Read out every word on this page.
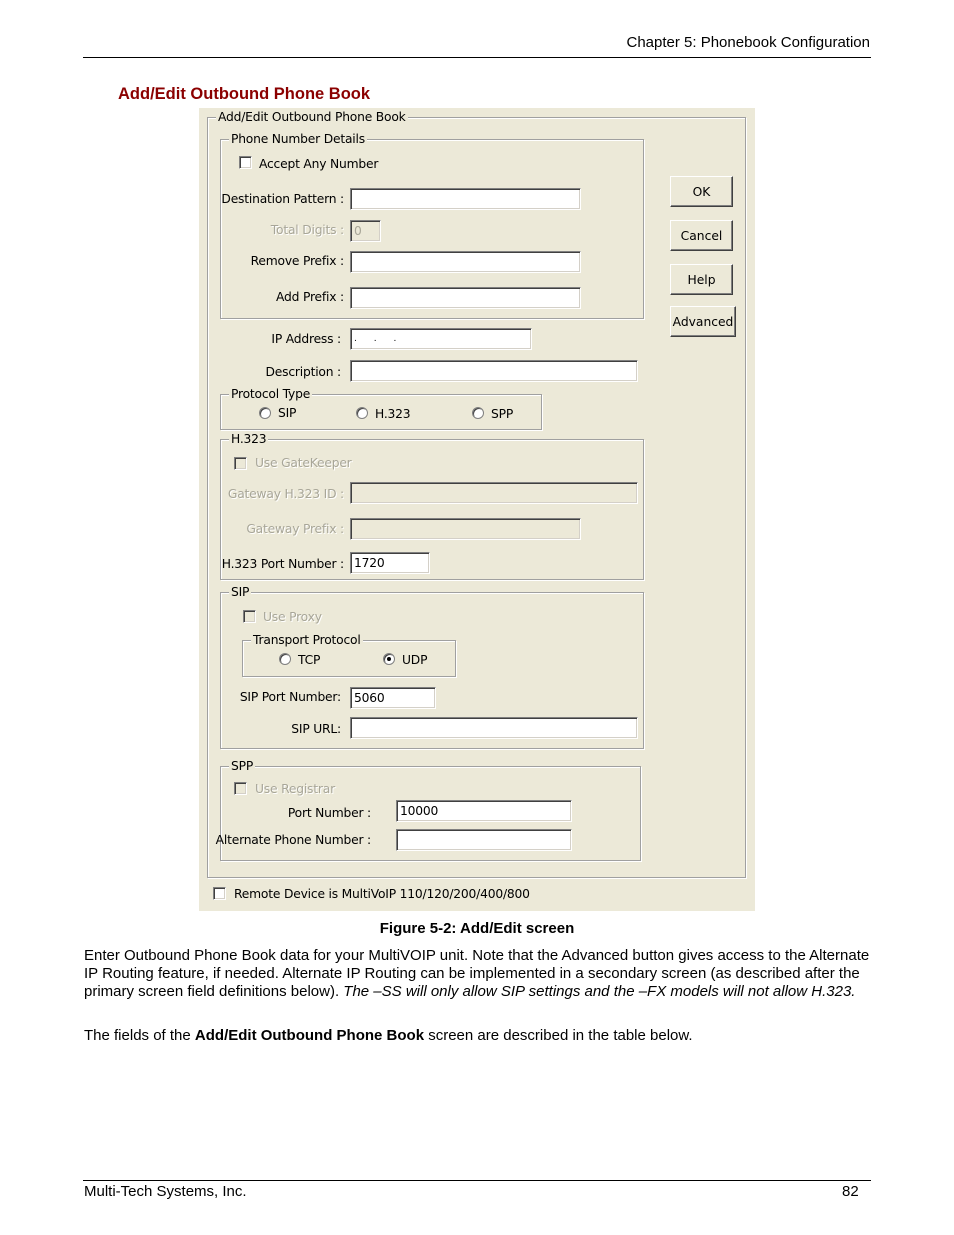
Chapter 5: Phonebook Configuration
Add/Edit Outbound Phone Book
Add/Edit Outbound Phone Book
Phone Number Details
Accept Any Number
Destination Pattern :
Total Digits : 0
Remove Prefix :
Add Prefix :
IP Address :	. . .
Description :
Protocol Type
SIP	H.323	SPP
H.323
Use GateKeeper
Gateway H.323 ID :
Gateway Prefix :
H.323 Port Number : 1720
SIP
Use Proxy
Transport Protocol
TCP	UDP
SIP Port Number:	5060
SIP URL:
SPP
Use Registrar
Port Number :	10000
Alternate Phone Number :
Remote Device is MultiVoIP 110/120/200/400/800
OK
Cancel
Help
Advanced
Figure 5-2: Add/Edit screen
Enter Outbound Phone Book data for your MultiVOIP unit. Note that the Advanced button gives access to the Alternate IP Routing feature, if needed. Alternate IP Routing can be implemented in a secondary screen (as described after the primary screen field definitions below). The –SS will only allow SIP settings and the –FX models will not allow H.323.
The fields of the Add/Edit Outbound Phone Book screen are described in the table below.
Multi-Tech Systems, Inc.	82
